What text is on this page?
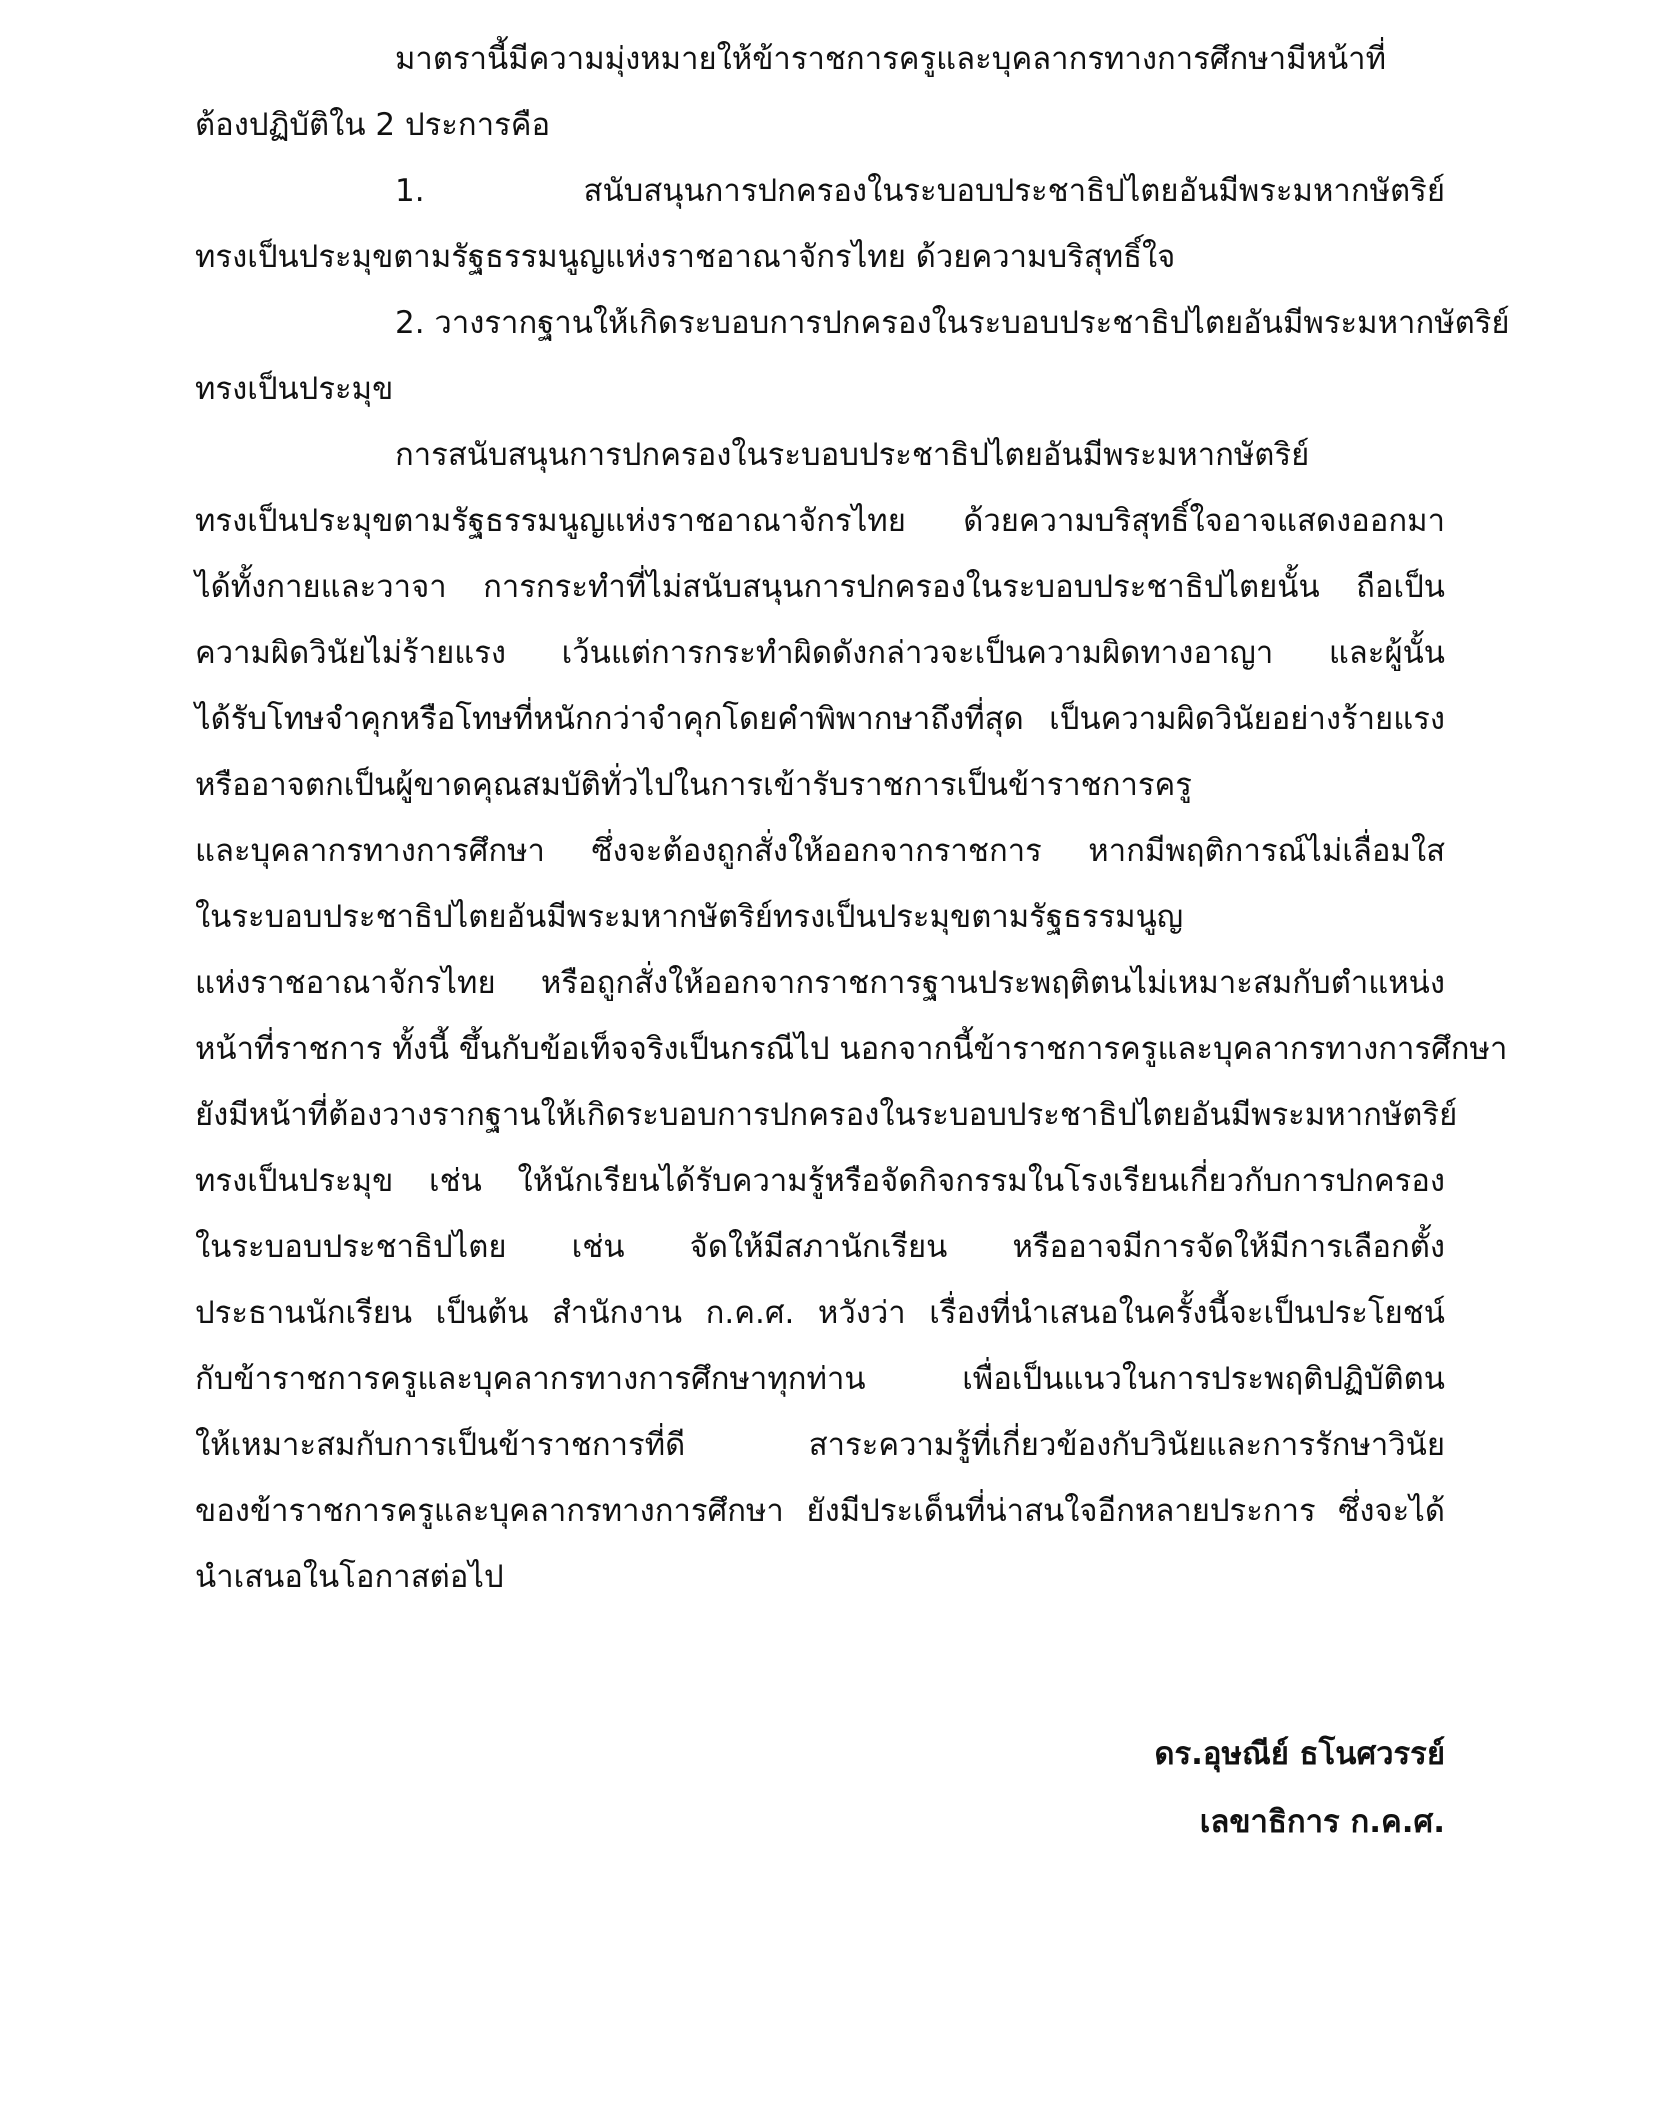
มาตรานี้มีความมุ่งหมายให้ข้าราชการครูและบุคลากรทางการศึกษามีหน้าที่
ต้องปฏิบัติใน 2 ประการคือ
1. สนับสนุนการปกครองในระบอบประชาธิปไตยอันมีพระมหากษัตริย์
ทรงเป็นประมุขตามรัฐธรรมนูญแห่งราชอาณาจักรไทย ด้วยความบริสุทธิ์ใจ
2. วางรากฐานให้เกิดระบอบการปกครองในระบอบประชาธิปไตยอันมีพระมหากษัตริย์
ทรงเป็นประมุข
การสนับสนุนการปกครองในระบอบประชาธิปไตยอันมีพระมหากษัตริย์
ทรงเป็นประมุขตามรัฐธรรมนูญแห่งราชอาณาจักรไทย ด้วยความบริสุทธิ์ใจอาจแสดงออกมา
ได้ทั้งกายและวาจา การกระทำที่ไม่สนับสนุนการปกครองในระบอบประชาธิปไตยนั้น ถือเป็น
ความผิดวินัยไม่ร้ายแรง เว้นแต่การกระทำผิดดังกล่าวจะเป็นความผิดทางอาญา และผู้นั้น
ได้รับโทษจำคุกหรือโทษที่หนักกว่าจำคุกโดยคำพิพากษาถึงที่สุด เป็นความผิดวินัยอย่างร้ายแรง
หรืออาจตกเป็นผู้ขาดคุณสมบัติทั่วไปในการเข้ารับราชการเป็นข้าราชการครู
และบุคลากรทางการศึกษา ซึ่งจะต้องถูกสั่งให้ออกจากราชการ หากมีพฤติการณ์ไม่เลื่อมใส
ในระบอบประชาธิปไตยอันมีพระมหากษัตริย์ทรงเป็นประมุขตามรัฐธรรมนูญ
แห่งราชอาณาจักรไทย หรือถูกสั่งให้ออกจากราชการฐานประพฤติตนไม่เหมาะสมกับตำแหน่ง
หน้าที่ราชการ ทั้งนี้ ขึ้นกับข้อเท็จจริงเป็นกรณีไป นอกจากนี้ข้าราชการครูและบุคลากรทางการศึกษา
ยังมีหน้าที่ต้องวางรากฐานให้เกิดระบอบการปกครองในระบอบประชาธิปไตยอันมีพระมหากษัตริย์
ทรงเป็นประมุข เช่น ให้นักเรียนได้รับความรู้หรือจัดกิจกรรมในโรงเรียนเกี่ยวกับการปกครอง
ในระบอบประชาธิปไตย เช่น จัดให้มีสภานักเรียน หรืออาจมีการจัดให้มีการเลือกตั้ง
ประธานนักเรียน เป็นต้น สำนักงาน ก.ค.ศ. หวังว่า เรื่องที่นำเสนอในครั้งนี้จะเป็นประโยชน์
กับข้าราชการครูและบุคลากรทางการศึกษาทุกท่าน เพื่อเป็นแนวในการประพฤติปฏิบัติตน
ให้เหมาะสมกับการเป็นข้าราชการที่ดี สาระความรู้ที่เกี่ยวข้องกับวินัยและการรักษาวินัย
ของข้าราชการครูและบุคลากรทางการศึกษา ยังมีประเด็นที่น่าสนใจอีกหลายประการ ซึ่งจะได้
นำเสนอในโอกาสต่อไป
ดร.อุษณีย์ ธโนศวรรย์
เลขาธิการ ก.ค.ศ.
